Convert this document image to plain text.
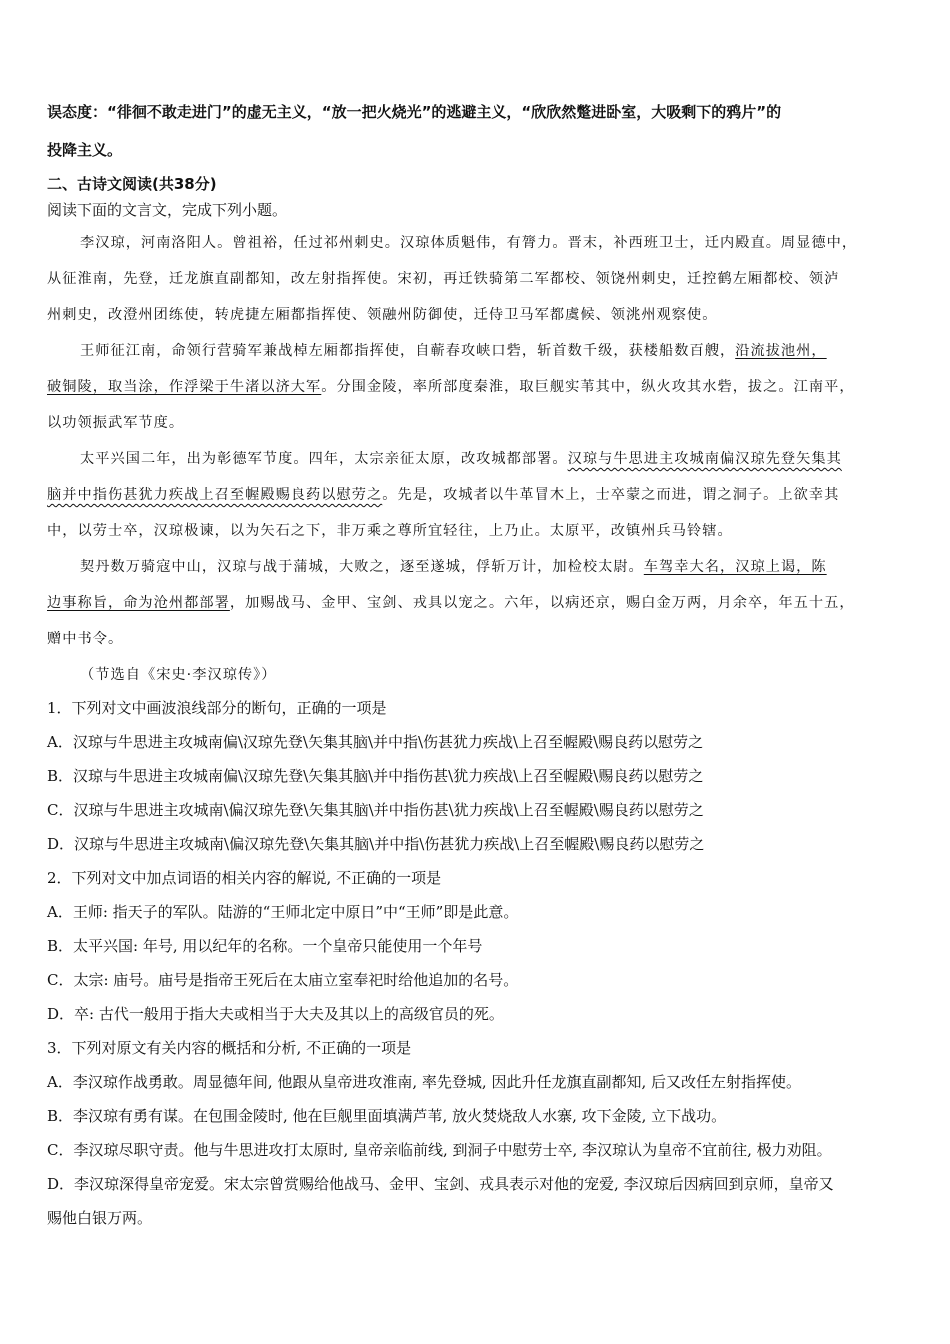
误态度：“徘徊不敢走进门”的虚无主义，“放一把火烧光”的逃避主义，“欣欣然蹩进卧室，大吸剩下的鸦片”的
投降主义。
二、古诗文阅读(共38分)
阅读下面的文言文，完成下列小题。
李汉琼，河南洛阳人。曾祖裕，任过祁州刺史。汉琼体质魁伟，有膂力。晋末，补西班卫士，迁内殿直。周显德中，
从征淮南，先登，迁龙旗直副都知，改左射指挥使。宋初，再迁铁骑第二军都校、领饶州刺史，迁控鹤左厢都校、领泸
州刺史，改澄州团练使，转虎捷左厢都指挥使、领融州防御使，迁侍卫马军都虞候、领洮州观察使。
王师征江南，命领行营骑军兼战棹左厢都指挥使，自蕲春攻峡口砦，斩首数千级，获楼船数百艘，沿流拔池州，
破铜陵，取当涂，作浮梁于牛渚以济大军。分围金陵，率所部度秦淮，取巨舰实苇其中，纵火攻其水砦，拔之。江南平，
以功领振武军节度。
太平兴国二年，出为彰德军节度。四年，太宗亲征太原，改攻城都部署。汉琼与牛思进主攻城南偏汉琼先登矢集其
脑并中指伤甚犹力疾战上召至幄殿赐良药以慰劳之。先是，攻城者以牛革冒木上，士卒蒙之而进，谓之洞子。上欲幸其
中，以劳士卒，汉琼极谏，以为矢石之下，非万乘之尊所宜轻往，上乃止。太原平，改镇州兵马铃辖。
契丹数万骑寇中山，汉琼与战于蒲城，大败之，逐至遂城，俘斩万计，加检校太尉。车驾幸大名，汉琼上谒，陈
边事称旨，命为沧州都部署，加赐战马、金甲、宝剑、戎具以宠之。六年，以病还京，赐白金万两，月余卒，年五十五，
赠中书令。
（节选自《宋史·李汉琼传》）
1．下列对文中画波浪线部分的断句，正确的一项是
A．汉琼与牛思进主攻城南偏\汉琼先登\矢集其脑\并中指\伤甚犹力疾战\上召至幄殿\赐良药以慰劳之
B．汉琼与牛思进主攻城南偏\汉琼先登\矢集其脑\并中指伤甚\犹力疾战\上召至幄殿\赐良药以慰劳之
C．汉琼与牛思进主攻城南\偏汉琼先登\矢集其脑\并中指伤甚\犹力疾战\上召至幄殿\赐良药以慰劳之
D．汉琼与牛思进主攻城南\偏汉琼先登\矢集其脑\并中指\伤甚犹力疾战\上召至幄殿\赐良药以慰劳之
2．下列对文中加点词语的相关内容的解说, 不正确的一项是
A．王师: 指天子的军队。陆游的“王师北定中原日”中“王师”即是此意。
B．太平兴国: 年号, 用以纪年的名称。一个皇帝只能使用一个年号
C．太宗: 庙号。庙号是指帝王死后在太庙立室奉祀时给他追加的名号。
D．卒: 古代一般用于指大夫或相当于大夫及其以上的高级官员的死。
3．下列对原文有关内容的概括和分析, 不正确的一项是
A．李汉琼作战勇敢。周显德年间, 他跟从皇帝进攻淮南, 率先登城, 因此升任龙旗直副都知, 后又改任左射指挥使。
B．李汉琼有勇有谋。在包围金陵时, 他在巨舰里面填满芦苇, 放火焚烧敌人水寨, 攻下金陵, 立下战功。
C．李汉琼尽职守责。他与牛思进攻打太原时, 皇帝亲临前线, 到洞子中慰劳士卒, 李汉琼认为皇帝不宜前往, 极力劝阻。
D．李汉琼深得皇帝宠爱。宋太宗曾赏赐给他战马、金甲、宝剑、戎具表示对他的宠爱, 李汉琼后因病回到京师，皇帝又
赐他白银万两。
